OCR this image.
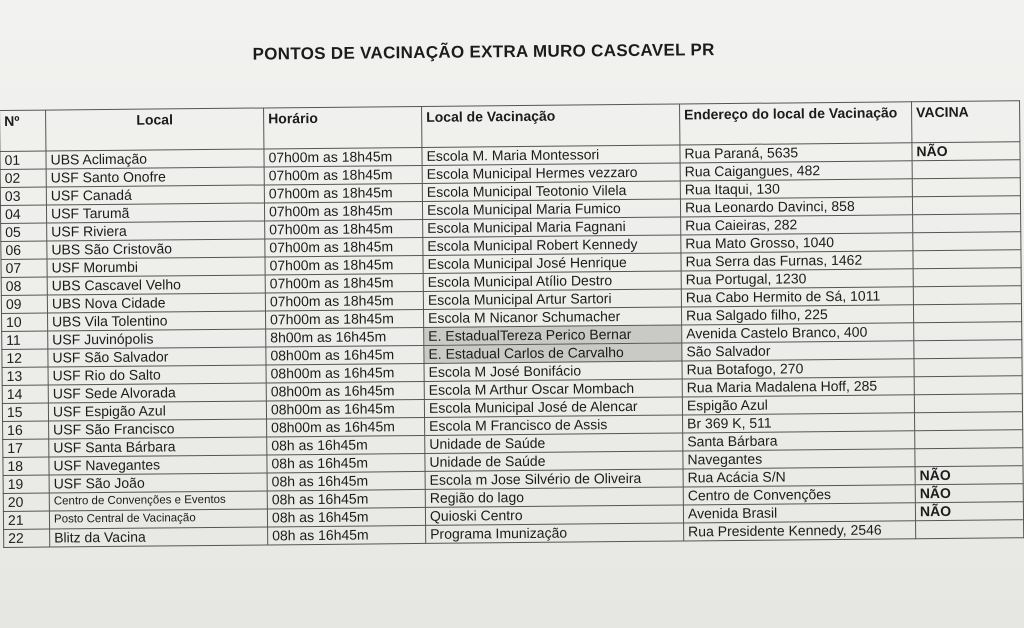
PONTOS DE VACINAÇÃO EXTRA MURO CASCAVEL PR
Nº	Local	Horário	Local de Vacinação	Endereço do local de Vacinação	VACINA
01	UBS Aclimação	07h00m as 18h45m	Escola M. Maria Montessori	Rua Paraná, 5635	NÃO
02	USF Santo Onofre	07h00m as 18h45m	Escola Municipal Hermes vezzaro	Rua Caigangues, 482	
03	USF Canadá	07h00m as 18h45m	Escola Municipal Teotonio Vilela	Rua Itaqui, 130	
04	USF Tarumã	07h00m as 18h45m	Escola Municipal Maria Fumico	Rua Leonardo Davinci, 858	
05	USF Riviera	07h00m as 18h45m	Escola Municipal Maria Fagnani	Rua Caieiras, 282	
06	UBS São Cristovão	07h00m as 18h45m	Escola Municipal Robert Kennedy	Rua Mato Grosso, 1040	
07	USF Morumbi	07h00m as 18h45m	Escola Municipal José Henrique	Rua Serra das Furnas, 1462	
08	UBS Cascavel Velho	07h00m as 18h45m	Escola Municipal Atílio Destro	Rua Portugal, 1230	
09	UBS Nova Cidade	07h00m as 18h45m	Escola Municipal Artur Sartori	Rua Cabo Hermito de Sá, 1011	
10	UBS Vila Tolentino	07h00m as 18h45m	Escola M Nicanor Schumacher	Rua Salgado filho, 225	
11	USF Juvinópolis	8h00m as 16h45m	E. EstadualTereza Perico Bernar	Avenida Castelo Branco, 400	
12	USF São Salvador	08h00m as 16h45m	E. Estadual Carlos de Carvalho	São Salvador	
13	USF Rio do Salto	08h00m as 16h45m	Escola M José Bonifácio	Rua Botafogo, 270	
14	USF Sede Alvorada	08h00m as 16h45m	Escola M Arthur Oscar Mombach	Rua Maria Madalena Hoff, 285	
15	USF Espigão Azul	08h00m as 16h45m	Escola Municipal José de Alencar	Espigão Azul	
16	USF São Francisco	08h00m as 16h45m	Escola M Francisco de Assis	Br 369 K, 511	
17	USF Santa Bárbara	08h as 16h45m	Unidade de Saúde	Santa Bárbara	
18	USF Navegantes	08h as 16h45m	Unidade de Saúde	Navegantes	
19	USF São João	08h as 16h45m	Escola m Jose Silvério de Oliveira	Rua Acácia S/N	NÃO
20	Centro de Convenções e Eventos	08h as 16h45m	Região do lago	Centro de Convenções	NÃO
21	Posto Central de Vacinação	08h as 16h45m	Quioski Centro	Avenida Brasil	NÃO
22	Blitz da Vacina	08h as 16h45m	Programa Imunização	Rua Presidente Kennedy, 2546	
